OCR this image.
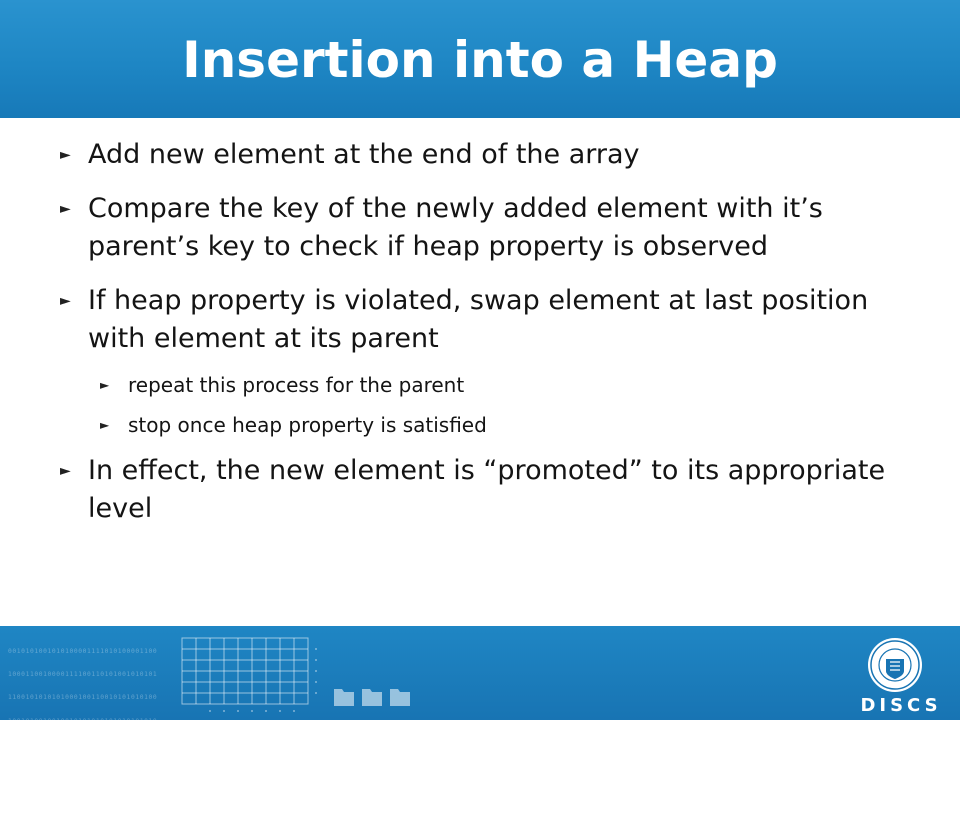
Insertion into a Heap
► Add new element at the end of the array
► Compare the key of the newly added element with it’s parent’s key to check if heap property is observed
► If heap property is violated, swap element at last position with element at its parent
► repeat this process for the parent
► stop once heap property is satisfied
► In effect, the new element is “promoted” to its appropriate level

0010101001010100001111010100001100

1000110010000111100110101001010101

1100101010101000100110010101010100

1001010010010010101010101010101010

1110000111101011000000011110110010

0010101010010100101001010010010110

1001010100001010100101001010101010

1001010010101010010100101001010101

DISCS
